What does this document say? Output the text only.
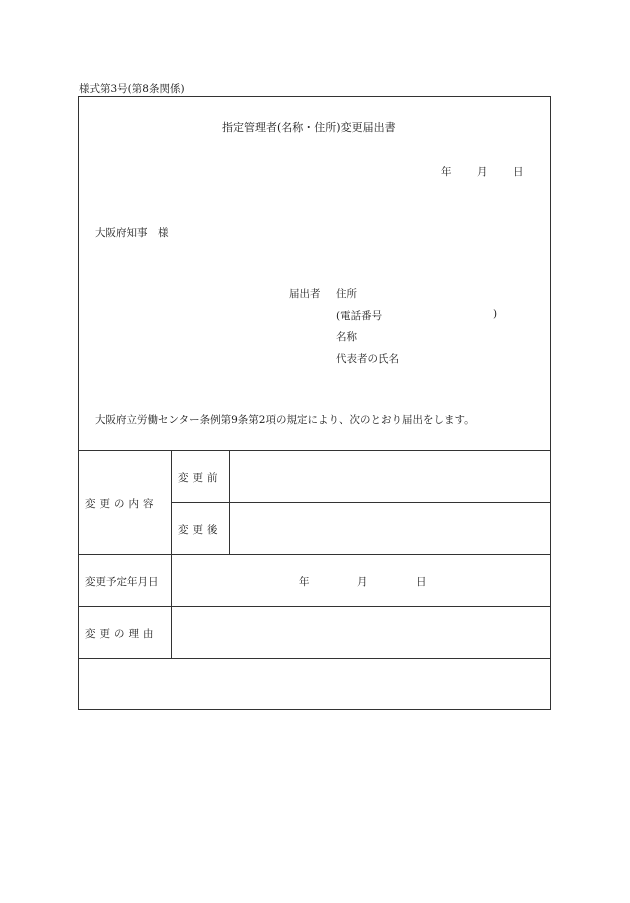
様式第3号(第8条関係)
指定管理者(名称・住所)変更届出書
年 月 日
大阪府知事　様
届出者 住所
(電話番号	)
名称
代表者の氏名
大阪府立労働センター条例第9条第2項の規定により、次のとおり届出をします。
変更の内容
変更前
変更後
変更予定年月日	年	月	日
変更の理由
